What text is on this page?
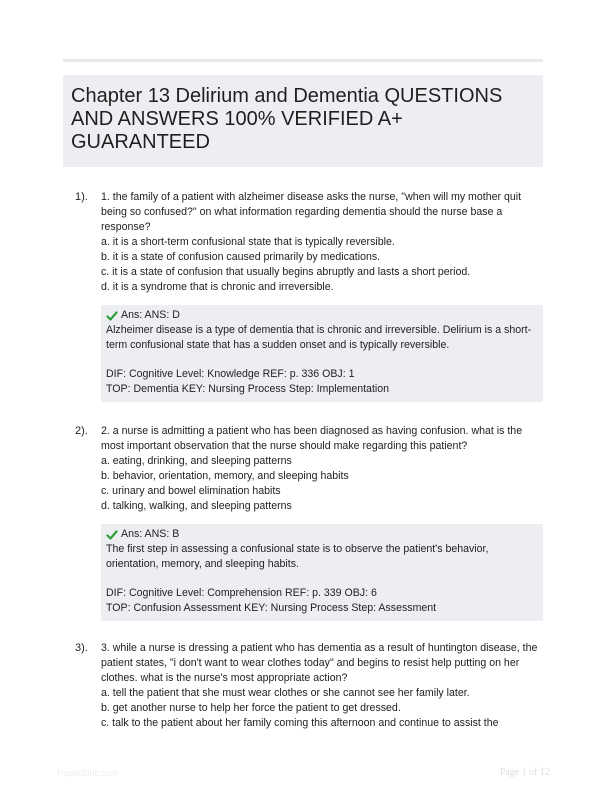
Chapter 13 Delirium and Dementia QUESTIONS AND ANSWERS 100% VERIFIED A+ GUARANTEED
1). 1. the family of a patient with alzheimer disease asks the nurse, "when will my mother quit being so confused?" on what information regarding dementia should the nurse base a response?

a. it is a short-term confusional state that is typically reversible.

b. it is a state of confusion caused primarily by medications.

c. it is a state of confusion that usually begins abruptly and lasts a short period.

d. it is a syndrome that is chronic and irreversible.

Ans: ANS: D

Alzheimer disease is a type of dementia that is chronic and irreversible. Delirium is a short-term confusional state that has a sudden onset and is typically reversible.

DIF: Cognitive Level: Knowledge REF: p. 336 OBJ: 1

TOP: Dementia KEY: Nursing Process Step: Implementation

2). 2. a nurse is admitting a patient who has been diagnosed as having confusion. what is the most important observation that the nurse should make regarding this patient?

a. eating, drinking, and sleeping patterns

b. behavior, orientation, memory, and sleeping habits

c. urinary and bowel elimination habits

d. talking, walking, and sleeping patterns

Ans: ANS: B

The first step in assessing a confusional state is to observe the patient's behavior, orientation, memory, and sleeping habits.

DIF: Cognitive Level: Comprehension REF: p. 339 OBJ: 6

TOP: Confusion Assessment KEY: Nursing Process Step: Assessment

3). 3. while a nurse is dressing a patient who has dementia as a result of huntington disease, the patient states, "i don't want to wear clothes today" and begins to resist help putting on her clothes. what is the nurse's most appropriate action?

a. tell the patient that she must wear clothes or she cannot see her family later.

b. get another nurse to help her force the patient to get dressed.

c. talk to the patient about her family coming this afternoon and continue to assist the

PaperStuc.com	Page 1 of 12
